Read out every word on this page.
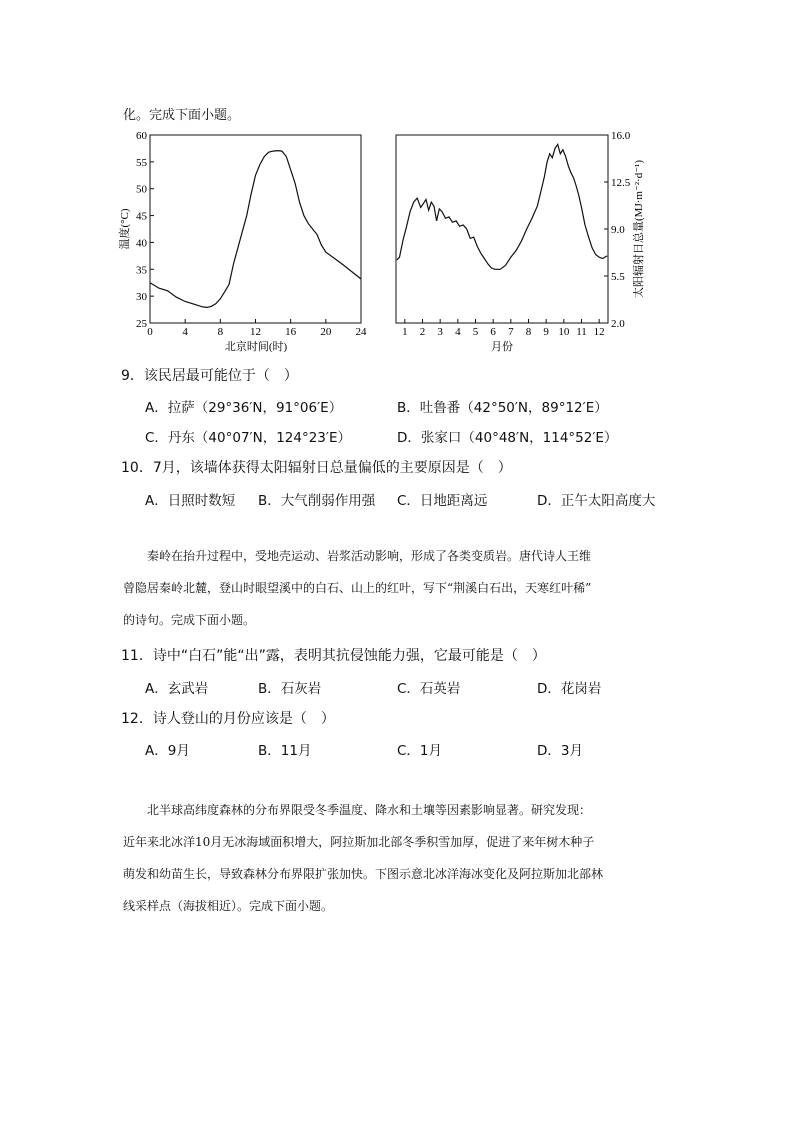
化。完成下面小题。
25
30
35
40
45
50
55
60
0	4	8 12 16 20 24
温度(°C)
北京时间(时)
2.0
5.5
9.0
12.5
16.0
1 2 3 4 5 6 7 8 9 10 11 12
太阳辐射日总量(MJ·m⁻²·d⁻¹)
月份
9．该民居最可能位于（　）
A．拉萨（29°36′N，91°06′E）	B．吐鲁番（42°50′N，89°12′E）
C．丹东（40°07′N，124°23′E）	D．张家口（40°48′N，114°52′E）
10．7月，该墙体获得太阳辐射日总量偏低的主要原因是（　）
A．日照时数短 B．大气削弱作用强 C．日地距离远	D．正午太阳高度大
秦岭在抬升过程中，受地壳运动、岩浆活动影响，形成了各类变质岩。唐代诗人王维
曾隐居秦岭北麓，登山时眼望溪中的白石、山上的红叶，写下“荆溪白石出，天寒红叶稀”
的诗句。完成下面小题。
11．诗中“白石”能“出”露，表明其抗侵蚀能力强，它最可能是（　）
A．玄武岩	B．石灰岩	C．石英岩	D．花岗岩
12．诗人登山的月份应该是（　）
A．9月	B．11月	C．1月	D．3月
北半球高纬度森林的分布界限受冬季温度、降水和土壤等因素影响显著。研究发现：
近年来北冰洋10月无冰海域面积增大，阿拉斯加北部冬季积雪加厚，促进了来年树木种子
萌发和幼苗生长，导致森林分布界限扩张加快。下图示意北冰洋海冰变化及阿拉斯加北部林
线采样点（海拔相近）。完成下面小题。
